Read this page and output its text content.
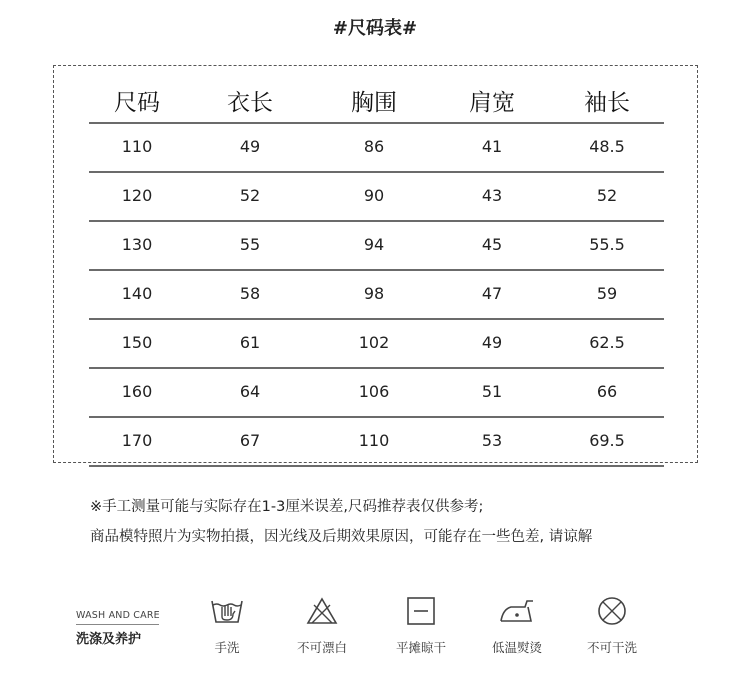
#尺码表#
尺码	衣长	胸围	肩宽	袖长
110	49	86	41	48.5
120	52	90	43	52
130	55	94	45	55.5
140	58	98	47	59
150	61	102	49	62.5
160	64	106	51	66
170	67	110	53	69.5
※手工测量可能与实际存在1-3厘米误差,尺码推荐表仅供参考;
商品模特照片为实物拍摄，因光线及后期效果原因，可能存在一些色差, 请谅解
WASH AND CARE
洗涤及养护
手洗	不可漂白	平摊晾干	低温熨烫	不可干洗
